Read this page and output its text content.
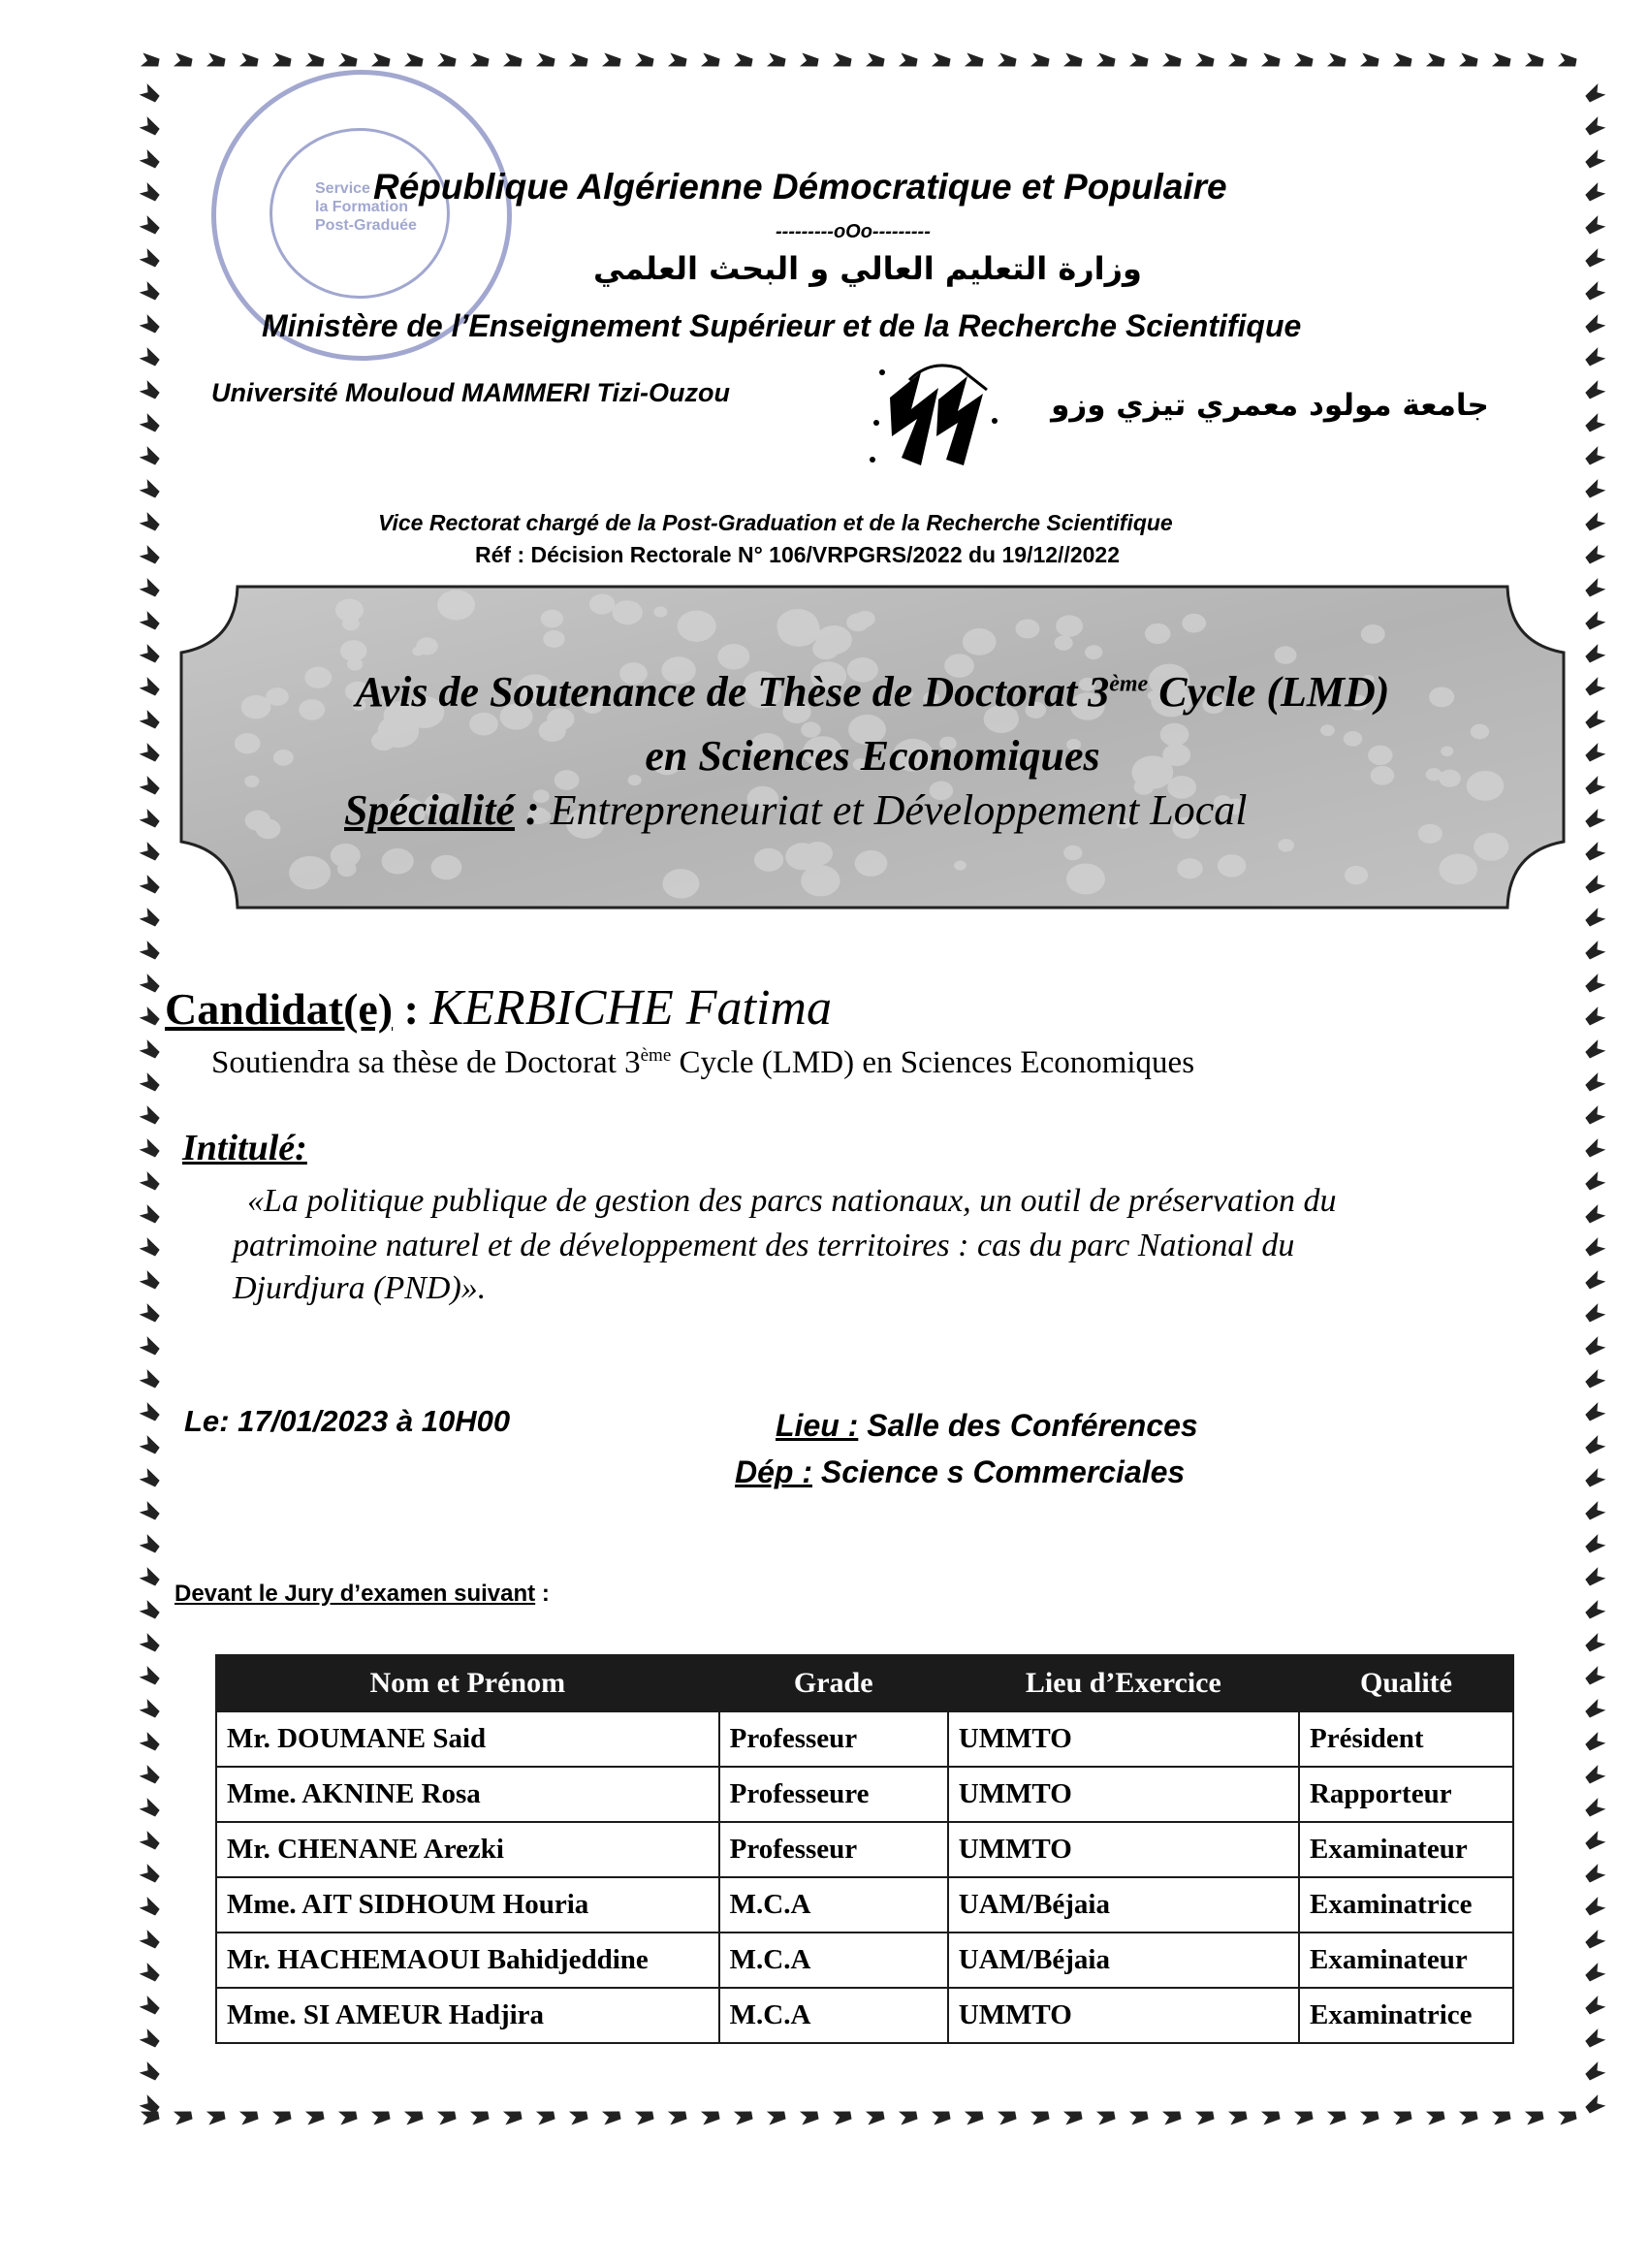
Service
la Formation
Post-Graduée
République Algérienne Démocratique et Populaire
---------oOo---------
وزارة التعليم العالي و البحث العلمي
Ministère de l’Enseignement Supérieur et de la Recherche Scientifique
Université Mouloud MAMMERI Tizi-Ouzou	جامعة مولود معمري تيزي وزو
Vice Rectorat chargé de la Post-Graduation et de la Recherche Scientifique
Réf : Décision Rectorale N° 106/VRPGRS/2022 du 19/12//2022
Avis de Soutenance de Thèse de Doctorat 3ème Cycle (LMD)
en Sciences Economiques
Spécialité : Entrepreneuriat et Développement Local
Candidat(e) : KERBICHE Fatima
Soutiendra sa thèse de Doctorat 3ème Cycle (LMD) en Sciences Economiques
Intitulé:
«La politique publique de gestion des parcs nationaux, un outil de préservation du
patrimoine naturel et de développement des territoires : cas du parc National du
Djurdjura (PND)».
Le: 17/01/2023 à 10H00	Lieu : Salle des Conférences
Dép : Science s Commerciales
Devant le Jury d’examen suivant :
Nom et Prénom	Grade	Lieu d’Exercice	Qualité
Mr. DOUMANE Said	Professeur	UMMTO	Président
Mme. AKNINE Rosa	Professeure	UMMTO	Rapporteur
Mr. CHENANE Arezki	Professeur	UMMTO	Examinateur
Mme. AIT SIDHOUM Houria	M.C.A	UAM/Béjaia	Examinatrice
Mr. HACHEMAOUI Bahidjeddine	M.C.A	UAM/Béjaia	Examinateur
Mme. SI AMEUR Hadjira	M.C.A	UMMTO	Examinatrice
